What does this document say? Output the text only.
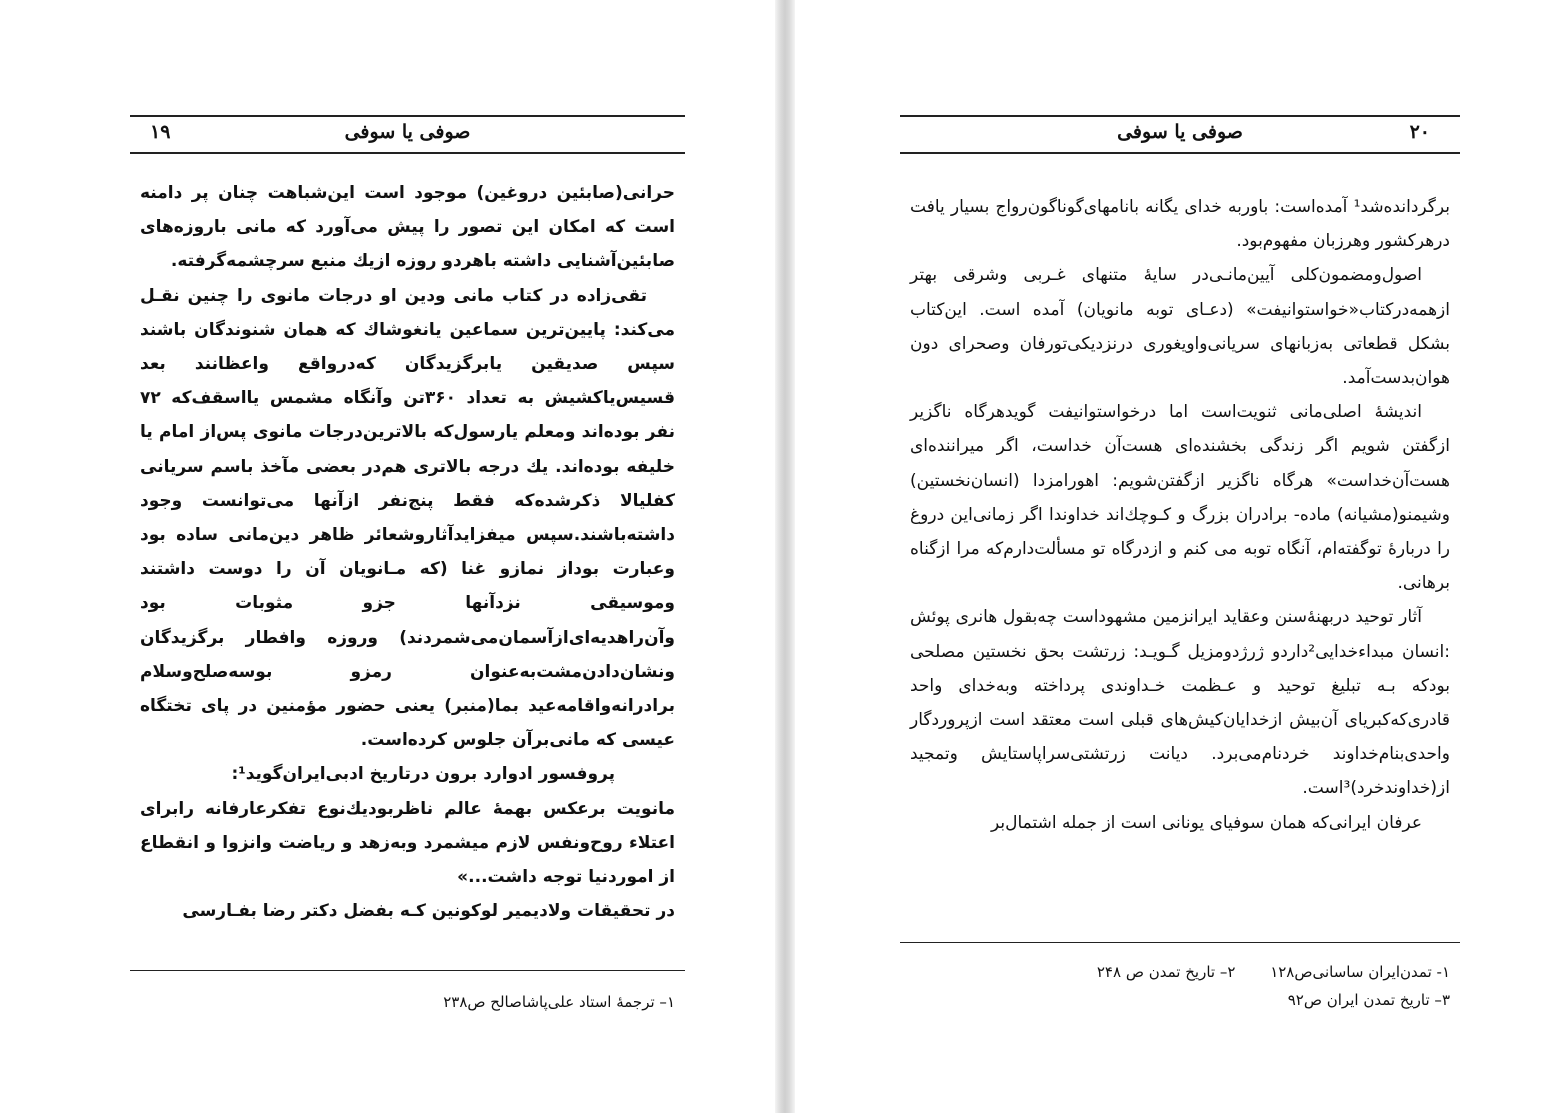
۱۹	صوفی یا سوفی

حرانی(صابئین دروغین) موجود است این‌شباهت چنان پر دامنه است که امکان این تصور را پیش می‌آورد که مانی باروزه‌های صابئین‌آشنایی داشته باهردو روزه ازیك منبع سرچشمه‌گرفته.

تقی‌زاده در کتاب مانی ودین او درجات مانوی را چنین نقـل می‌کند: پایین‌ترین سماعین یانغوشاك که همان شنوندگان باشند سپس صدیقین یابرگزیدگان که‌درواقع واعظانند بعد قسیس‌یاکشیش به تعداد ۳۶۰تن وآنگاه مشمس یااسقف‌که ۷۲ نفر بوده‌اند ومعلم یارسول‌که بالاترین‌درجات مانوی پس‌از امام یا خلیفه بوده‌اند. یك درجه بالاتری هم‌در بعضی مآخذ باسم سریانی کفلیالا ذکرشده‌که فقط پنج‌نفر ازآنها می‌توانست وجود داشته‌باشند.سپس میفزایدآثاروشعائر ظاهر دین‌مانی ساده بود وعبارت بوداز نمازو غنا (که مـانویان آن را دوست داشتند وموسیقی نزدآنها جزو مثوبات بود وآن‌راهدیه‌ای‌ازآسمان‌می‌شمردند) وروزه وافطار برگزیدگان ونشان‌دادن‌مشت‌به‌عنوان رمزو بوسه‌صلح‌وسلام برادرانه‌واقامه‌عید بما(منبر) یعنی حضور مؤمنین در پای تختگاه عیسی که مانی‌برآن جلوس کرده‌است.

پروفسور ادوارد برون درتاریخ ادبی‌ایران‌گوید¹:

مانویت برعکس بهمهٔ عالم ناظربودیك‌نوع تفکرعارفانه رابرای اعتلاء روح‌ونفس لازم میشمرد وبه‌زهد و ریاضت وانزوا و انقطاع از امورد‌نیا توجه داشت...»

در تحقیقات ولادیمیر لوکونین کـه بفضل دکتر رضا بفـارسی

۱– ترجمهٔ استاد علی‌پاشاصالح ص۲۳۸
۲۰
صوفی یا سوفی

برگردانده‌شد¹ آمده‌است: باوربه خدای یگانه بانامهای‌گوناگون‌رواج بسیار یافت درهرکشور وهرزبان مفهوم‌بود.

اصول‌ومضمون‌کلی آیین‌مانـی‌در سایهٔ متنهای غـربی وشرقی بهتر ازهمه‌درکتاب«خواستوانیفت» (دعـای توبه مانویان) آمده است. این‌کتاب بشکل قطعاتی به‌زبانهای سریانی‌واویغوری درنزدیکی‌تورفان وصحرای دون هوان‌بدست‌آمد.

اندیشهٔ اصلی‌مانی ثنویت‌است اما درخواستوانیفت گوید‌هرگاه ناگزیر ازگفتن شویم اگر زندگی بخشنده‌ای هست‌آن خداست، اگر میراننده‌ای هست‌آن‌خداست» هرگاه ناگزیر ازگفتن‌شویم: اهورامزدا (انسان‌نخستین) وشیمنو(مشیانه) ماده- برادران بزرگ و کـوچك‌اند خداوندا اگر زمانی‌این دروغ را دربارهٔ توگفته‌ام، آنگاه توبه می کنم و ازدرگاه تو مسألت‌دارم‌که مرا ازگناه برهانی.

آثار توحید دربهنهٔ‌سنن وعقاید ایرانزمین مشهوداست چه‌بقول هانری پوئش :انسان مبداء‌خدایی²داردو ژرژدومزیل گـویـد: زرتشت بحق نخستین مصلحی بودکه بـه تبلیغ توحید و عـظمت خـداوندی پرداخته وبه‌خدای واحد قادری‌که‌کبریای آن‌بیش ازخدایان‌کیش‌های قبلی است معتقد است ازپروردگار واحدی‌بنام‌خداوند خردنام‌می‌برد. دیانت زرتشتی‌سراپاستایش وتمجید از(خداوندخرد)³است.

عرفان ایرانی‌که همان سوفیای یونانی است از جمله اشتمال‌بر

۱- تمدن‌ایران ساسانی‌ص۱۲۸ ۲– تاریخ تمدن ص ۲۴۸
۳– تاریخ تمدن ایران ص۹۲
